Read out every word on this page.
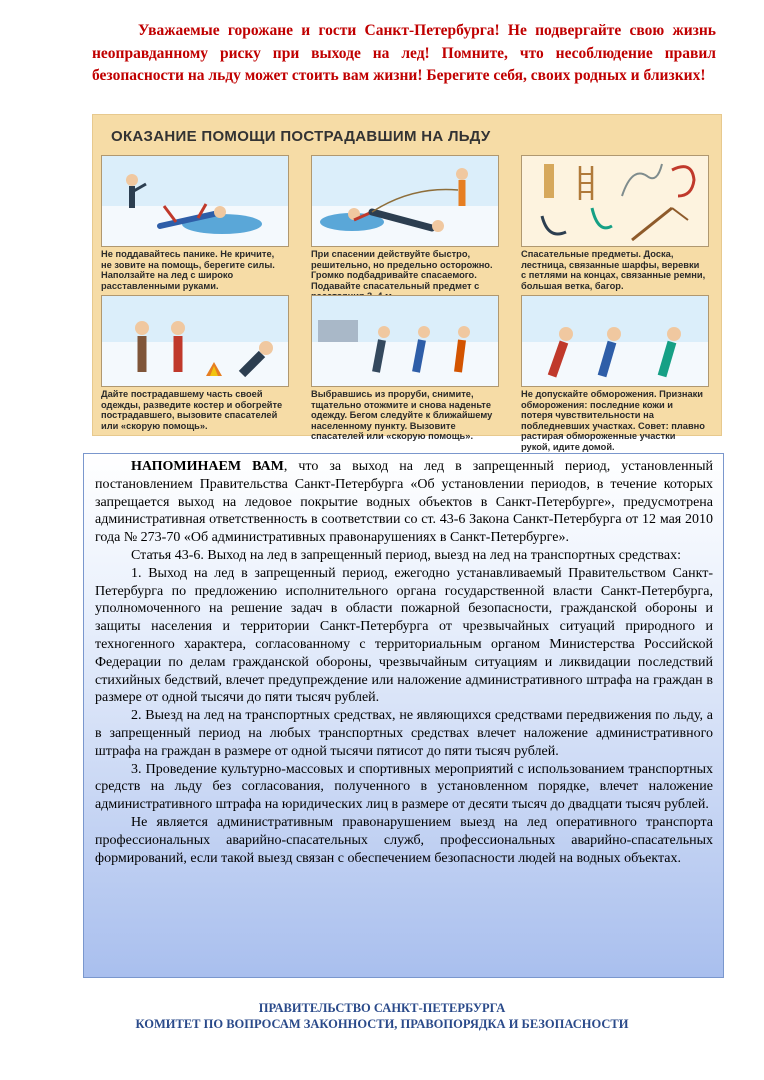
Уважаемые горожане и гости Санкт-Петербурга! Не подвергайте свою жизнь неоправданному риску при выходе на лед! Помните, что несоблюдение правил безопасности на льду может стоить вам жизни! Берегите себя, своих родных и близких!

ОКАЗАНИЕ ПОМОЩИ ПОСТРАДАВШИМ НА ЛЬДУ
Не поддавайтесь панике. Не кричите, не зовите на помощь, берегите силы. Наползайте на лед с широко расставленными руками.
При спасении действуйте быстро, решительно, но предельно осторожно. Громко подбадривайте спасаемого. Подавайте спасательный предмет с
Спасательные предметы. Доска, лестница, связанные шарфы, веревки с петлями на концах, связанные ремни, большая ветка, багор.
Дайте пострадавшему часть своей одежды, разведите костер и обогрейте пострадавшего, вызовите спасателей или «скорую помощь».
Выбравшись из проруби, снимите, тщательно отожмите и снова наденьте одежду. Бегом следуйте к ближайшему населенному пункту. Вызовите спасателей или «скорую помощь».
Не допускайте обморожения. Признаки обморожения: последние кожи и потеря чувствительности на побледневших участках. Совет: плавно растирая обмороженные участки рукой, идите домой.

НАПОМИНАЕМ ВАМ, что за выход на лед в запрещенный период, установленный постановлением Правительства Санкт-Петербурга «Об установлении периодов, в течение которых запрещается выход на ледовое покрытие водных объектов в Санкт-Петербурге», предусмотрена административная ответственность в соответствии со ст. 43-6 Закона Санкт-Петербурга от 12 мая 2010 года № 273-70 «Об административных правонарушениях в Санкт-Петербурге».

Статья 43-6. Выход на лед в запрещенный период, выезд на лед на транспортных средствах:

1. Выход на лед в запрещенный период, ежегодно устанавливаемый Правительством Санкт-Петербурга по предложению исполнительного органа государственной власти Санкт-Петербурга, уполномоченного на решение задач в области пожарной безопасности, гражданской обороны и защиты населения и территории Санкт-Петербурга от чрезвычайных ситуаций природного и техногенного характера, согласованному с территориальным органом Министерства Российской Федерации по делам гражданской обороны, чрезвычайным ситуациям и ликвидации последствий стихийных бедствий, влечет предупреждение или наложение административного штрафа на граждан в размере от одной тысячи до пяти тысяч рублей.

2. Выезд на лед на транспортных средствах, не являющихся средствами передвижения по льду, а в запрещенный период на любых транспортных средствах влечет наложение административного штрафа на граждан в размере от одной тысячи пятисот до пяти тысяч рублей.

3. Проведение культурно-массовых и спортивных мероприятий с использованием транспортных средств на льду без согласования, полученного в установленном порядке, влечет наложение административного штрафа на юридических лиц в размере от десяти тысяч до двадцати тысяч рублей.

Не является административным правонарушением выезд на лед оперативного транспорта профессиональных аварийно-спасательных служб, профессиональных аварийно-спасательных формирований, если такой выезд связан с обеспечением безопасности людей на водных объектах.

ПРАВИТЕЛЬСТВО САНКТ-ПЕТЕРБУРГА
КОМИТЕТ ПО ВОПРОСАМ ЗАКОННОСТИ, ПРАВОПОРЯДКА И БЕЗОПАСНОСТИ
